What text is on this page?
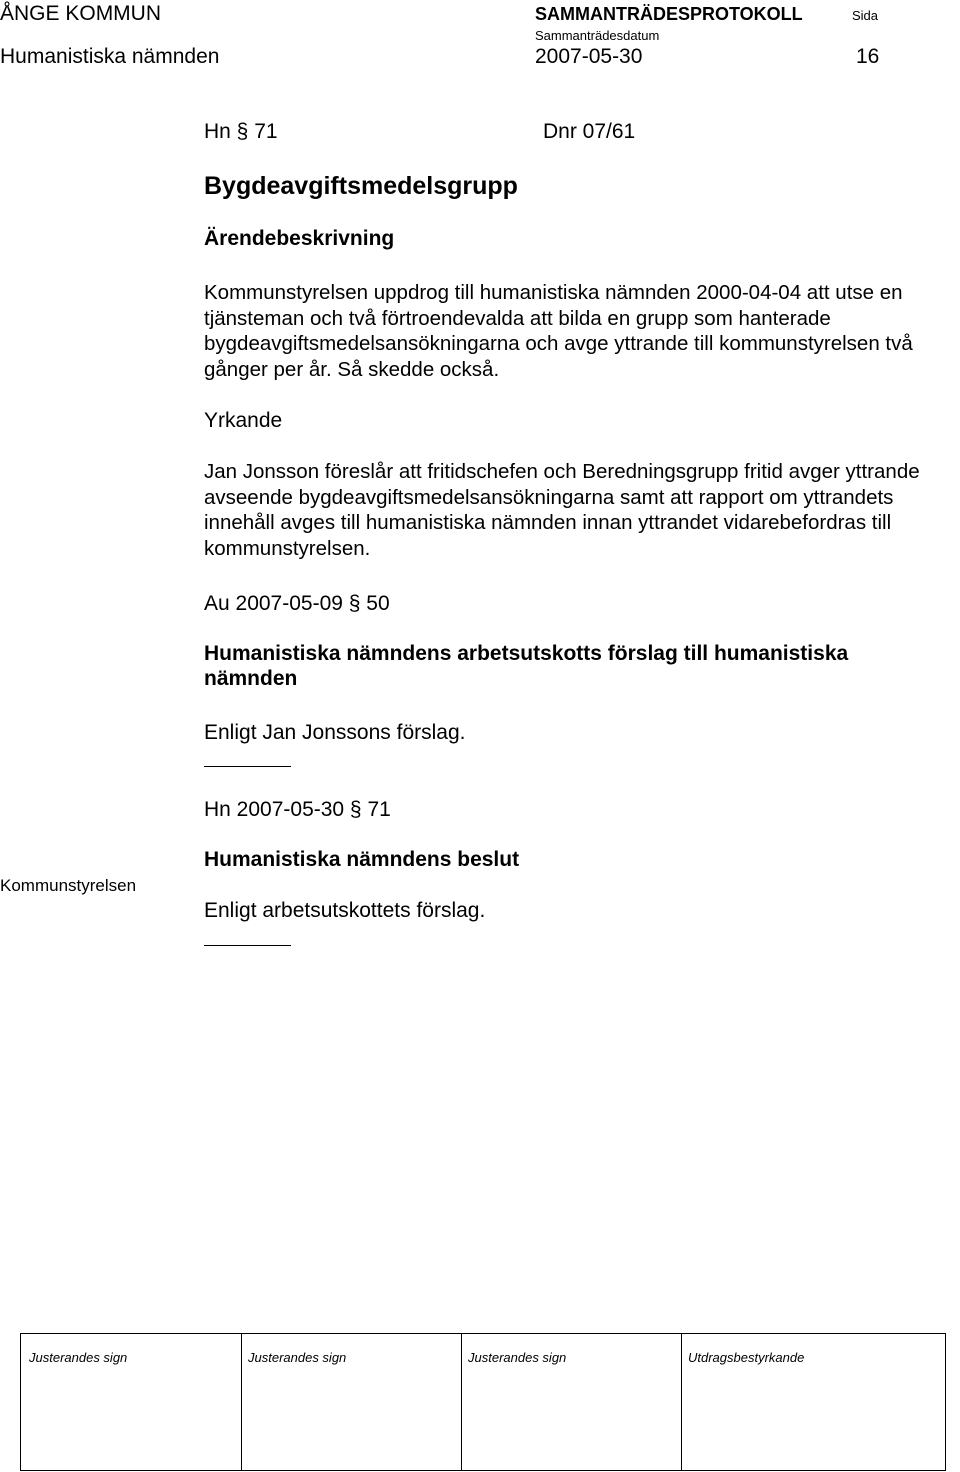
ÅNGE KOMMUN	SAMMANTRÄDESPROTOKOLL	Sida
Sammanträdesdatum
Humanistiska nämnden	2007-05-30	16
Hn § 71	Dnr 07/61
Bygdeavgiftsmedelsgrupp
Ärendebeskrivning
Kommunstyrelsen uppdrog till humanistiska nämnden 2000-04-04 att utse en tjänsteman och två förtroendevalda att bilda en grupp som hanterade bygdeavgiftsmedelsansökningarna och avge yttrande till kommunstyrelsen två gånger per år. Så skedde också.
Yrkande
Jan Jonsson föreslår att fritidschefen och Beredningsgrupp fritid avger yttrande avseende bygdeavgiftsmedelsansökningarna samt att rapport om yttrandets innehåll avges till humanistiska nämnden innan yttrandet vidarebefordras till kommunstyrelsen.
Au 2007-05-09 § 50
Humanistiska nämndens arbetsutskotts förslag till humanistiska nämnden
Enligt Jan Jonssons förslag.
Hn 2007-05-30 § 71
Kommunstyrelsen
Humanistiska nämndens beslut
Enligt arbetsutskottets förslag.
Justerandes sign	Justerandes sign	Justerandes sign	Utdragsbestyrkande
